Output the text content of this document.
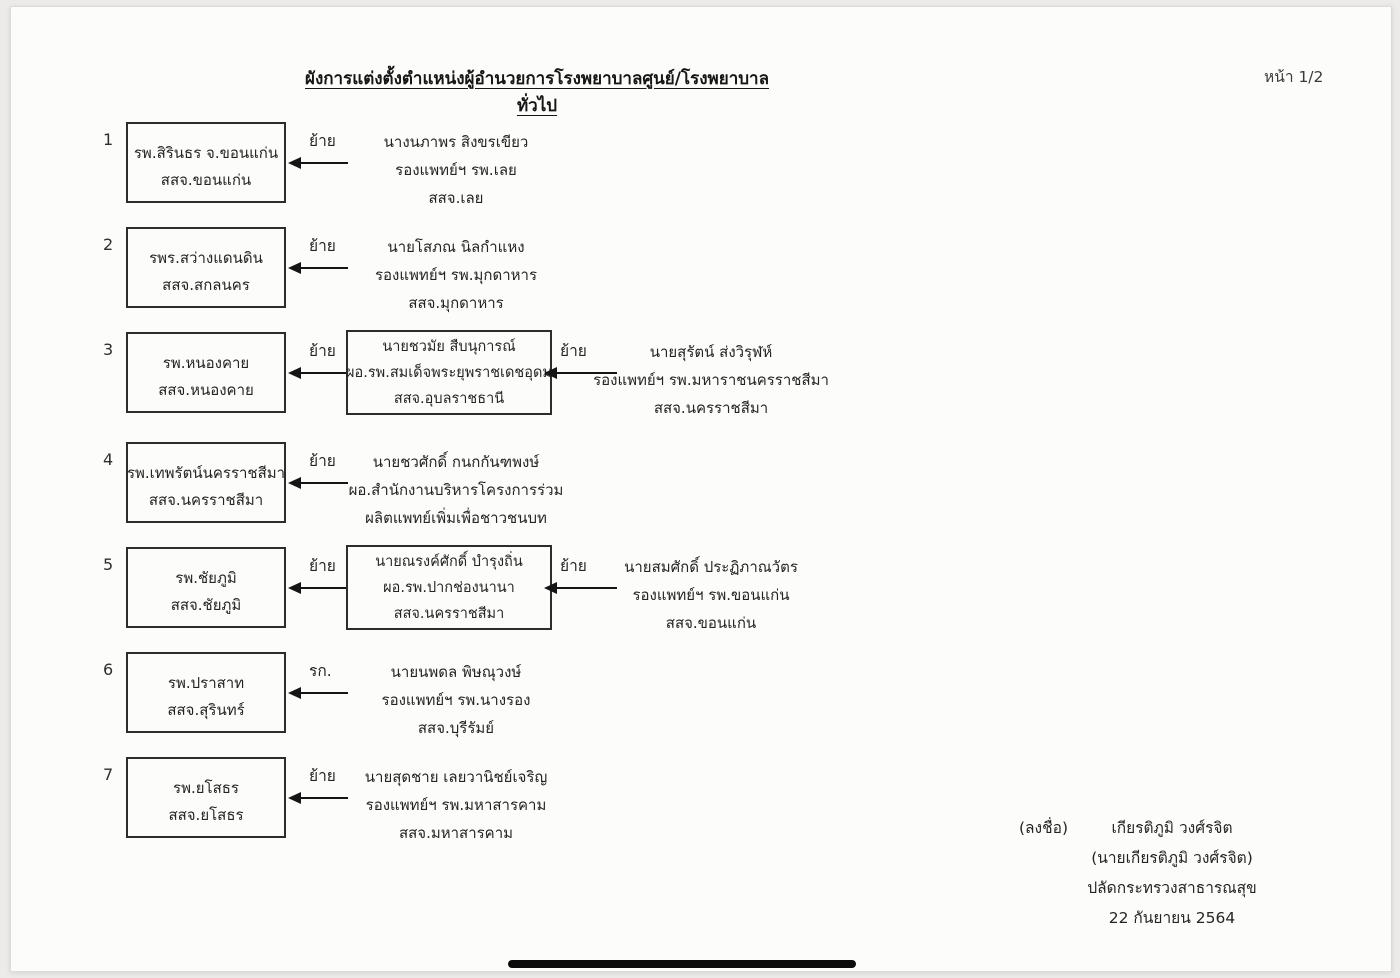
ผังการแต่งตั้งตำแหน่งผู้อำนวยการโรงพยาบาลศูนย์/โรงพยาบาลทั่วไป
หน้า 1/2
1
รพ.สิรินธร จ.ขอนแก่น
สสจ.ขอนแก่น
ย้าย	นางนภาพร สิงขรเขียว
รองแพทย์ฯ รพ.เลย
สสจ.เลย
2
รพร.สว่างแดนดิน
สสจ.สกลนคร
ย้าย	นายโสภณ นิลกำแหง
รองแพทย์ฯ รพ.มุกดาหาร
สสจ.มุกดาหาร
3
รพ.หนองคาย
สสจ.หนองคาย
ย้าย	นายชวมัย สืบนุการณ์
ผอ.รพ.สมเด็จพระยุพราชเดชอุดม
สสจ.อุบลราชธานี
ย้าย	นายสุรัตน์ ส่งวิรุฬห์
รองแพทย์ฯ รพ.มหาราชนครราชสีมา
สสจ.นครราชสีมา
4
รพ.เทพรัตน์นครราชสีมา
สสจ.นครราชสีมา
ย้าย	นายชวศักดิ์ กนกกันฑพงษ์
ผอ.สำนักงานบริหารโครงการร่วม
ผลิตแพทย์เพิ่มเพื่อชาวชนบท
5
รพ.ชัยภูมิ
สสจ.ชัยภูมิ
ย้าย	นายณรงค์ศักดิ์ บำรุงถิ่น
ผอ.รพ.ปากช่องนานา
สสจ.นครราชสีมา
ย้าย	นายสมศักดิ์ ประฏิภาณวัตร
รองแพทย์ฯ รพ.ขอนแก่น
สสจ.ขอนแก่น
6
รพ.ปราสาท
สสจ.สุรินทร์
รก.	นายนพดล พิษณุวงษ์
รองแพทย์ฯ รพ.นางรอง
สสจ.บุรีรัมย์
7
รพ.ยโสธร
สสจ.ยโสธร
ย้าย	นายสุดชาย เลยวานิชย์เจริญ
รองแพทย์ฯ รพ.มหาสารคาม
สสจ.มหาสารคาม	(ลงชื่อ)	เกียรติภูมิ วงศ์รจิต
(นายเกียรติภูมิ วงศ์รจิต)
ปลัดกระทรวงสาธารณสุข
22 กันยายน 2564
